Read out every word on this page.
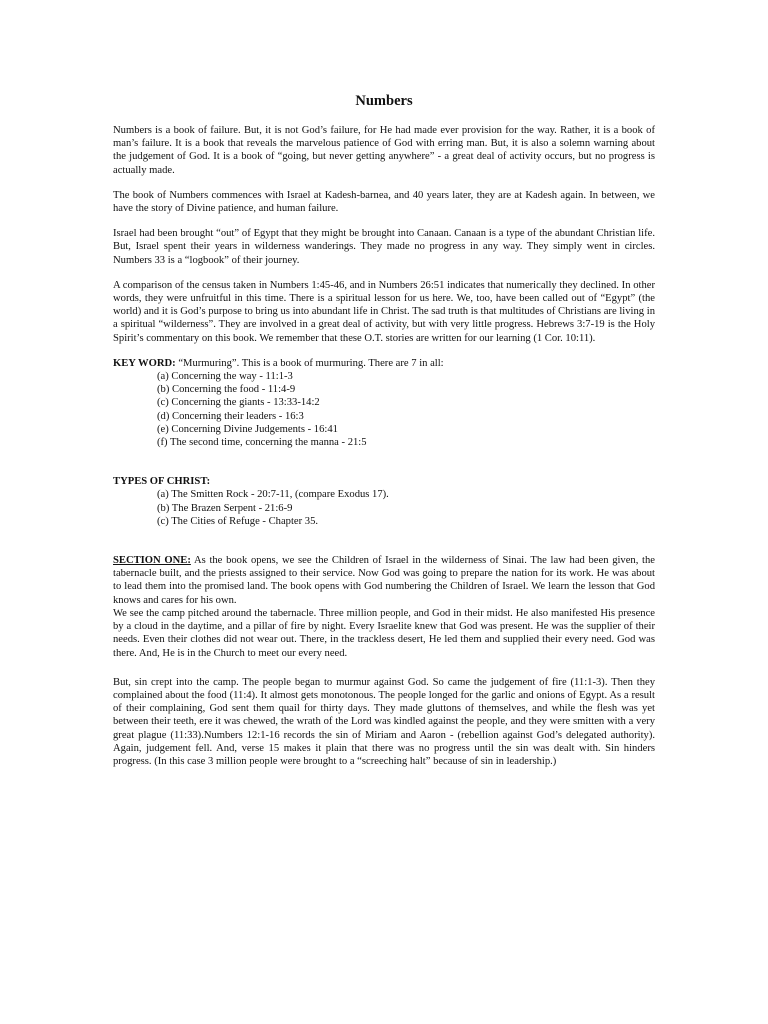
Numbers

Numbers is a book of failure. But, it is not God’s failure, for He had made ever provision for the way. Rather, it is a book of man’s failure. It is a book that reveals the marvelous patience of God with erring man. But, it is also a solemn warning about the judgement of God. It is a book of “going, but never getting anywhere” - a great deal of activity occurs, but no progress is actually made.

The book of Numbers commences with Israel at Kadesh-barnea, and 40 years later, they are at Kadesh again. In between, we have the story of Divine patience, and human failure.

Israel had been brought “out” of Egypt that they might be brought into Canaan. Canaan is a type of the abundant Christian life. But, Israel spent their years in wilderness wanderings. They made no progress in any way. They simply went in circles. Numbers 33 is a “logbook” of their journey.

A comparison of the census taken in Numbers 1:45-46, and in Numbers 26:51 indicates that numerically they declined. In other words, they were unfruitful in this time. There is a spiritual lesson for us here. We, too, have been called out of “Egypt” (the world) and it is God’s purpose to bring us into abundant life in Christ. The sad truth is that multitudes of Christians are living in a spiritual “wilderness”. They are involved in a great deal of activity, but with very little progress. Hebrews 3:7-19 is the Holy Spirit’s commentary on this book. We remember that these O.T. stories are written for our learning (1 Cor. 10:11).

KEY WORD: “Murmuring”. This is a book of murmuring. There are 7 in all:
(a) Concerning the way - 11:1-3
(b) Concerning the food - 11:4-9
(c) Concerning the giants - 13:33-14:2
(d) Concerning their leaders - 16:3
(e) Concerning Divine Judgements - 16:41
(f) The second time, concerning the manna - 21:5
TYPES OF CHRIST:
(a) The Smitten Rock - 20:7-11, (compare Exodus 17).
(b) The Brazen Serpent - 21:6-9
(c) The Cities of Refuge - Chapter 35.

SECTION ONE: As the book opens, we see the Children of Israel in the wilderness of Sinai. The law had been given, the tabernacle built, and the priests assigned to their service. Now God was going to prepare the nation for its work. He was about to lead them into the promised land. The book opens with God numbering the Children of Israel. We learn the lesson that God knows and cares for his own.

We see the camp pitched around the tabernacle. Three million people, and God in their midst. He also manifested His presence by a cloud in the daytime, and a pillar of fire by night. Every Israelite knew that God was present. He was the supplier of their needs. Even their clothes did not wear out. There, in the trackless desert, He led them and supplied their every need. God was there. And, He is in the Church to meet our every need.

But, sin crept into the camp. The people began to murmur against God. So came the judgement of fire (11:1-3). Then they complained about the food (11:4). It almost gets monotonous. The people longed for the garlic and onions of Egypt. As a result of their complaining, God sent them quail for thirty days. They made gluttons of themselves, and while the flesh was yet between their teeth, ere it was chewed, the wrath of the Lord was kindled against the people, and they were smitten with a very great plague (11:33).Numbers 12:1-16 records the sin of Miriam and Aaron - (rebellion against God’s delegated authority). Again, judgement fell. And, verse 15 makes it plain that there was no progress until the sin was dealt with. Sin hinders progress. (In this case 3 million people were brought to a “screeching halt” because of sin in leadership.)
